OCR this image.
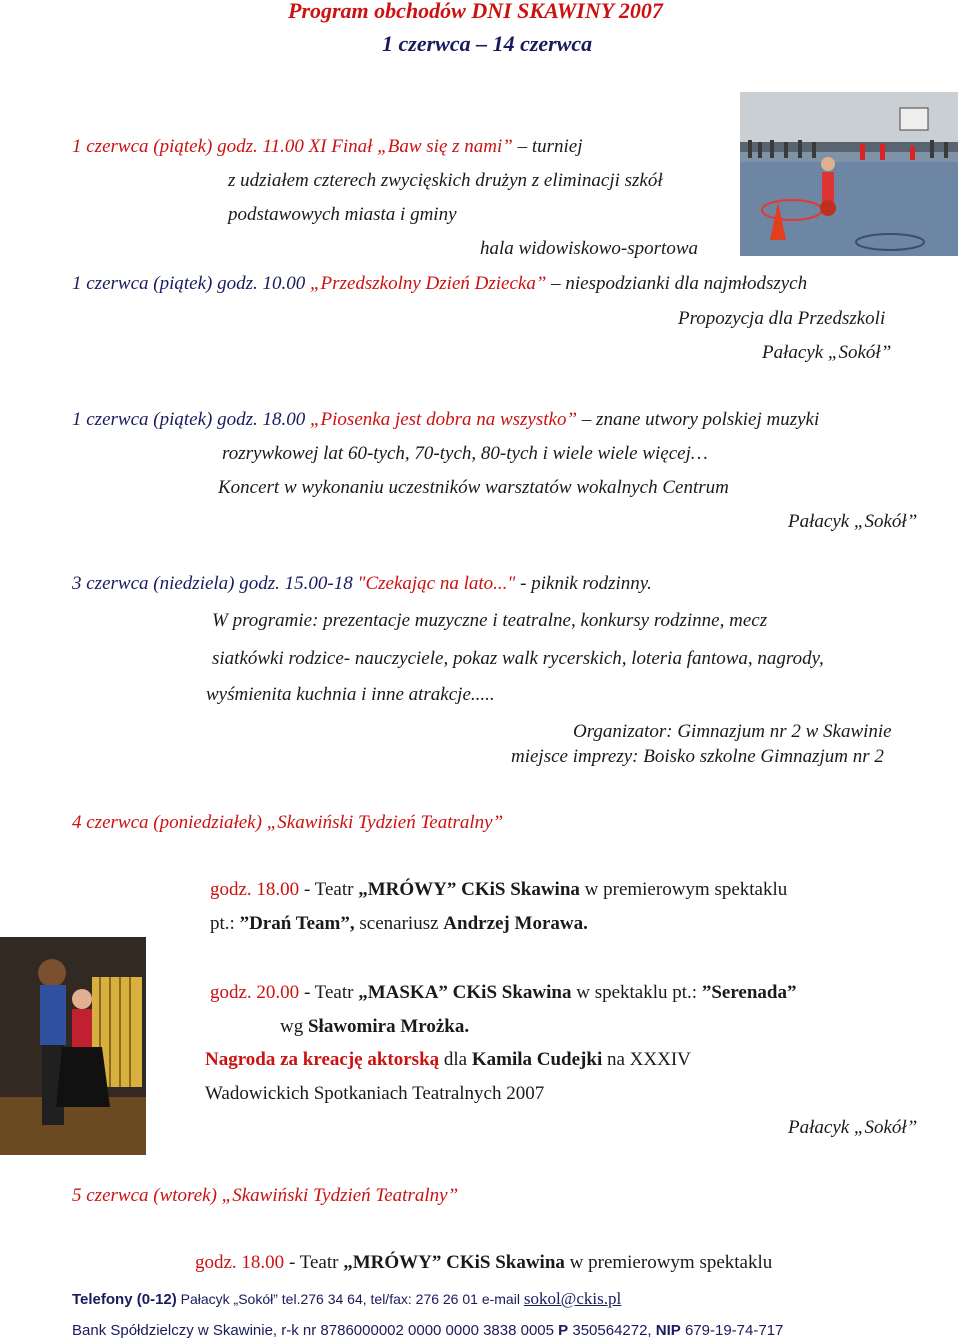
Program obchodów DNI SKAWINY 2007
1 czerwca – 14 czerwca
1 czerwca (piątek) godz. 11.00 XI Finał „Baw się z nami” – turniej
z udziałem czterech zwycięskich drużyn z eliminacji szkół
podstawowych miasta i gminy
hala widowiskowo-sportowa
1 czerwca (piątek) godz. 10.00 „Przedszkolny Dzień Dziecka” – niespodzianki dla najmłodszych
Propozycja dla Przedszkoli
Pałacyk „Sokół”
1 czerwca (piątek) godz. 18.00 „Piosenka jest dobra na wszystko” – znane utwory polskiej muzyki
rozrywkowej lat 60-tych, 70-tych, 80-tych i wiele wiele więcej…
Koncert w wykonaniu uczestników warsztatów wokalnych Centrum
Pałacyk „Sokół”
3 czerwca (niedziela) godz. 15.00-18 "Czekając na lato..." - piknik rodzinny.
W programie: prezentacje muzyczne i teatralne, konkursy rodzinne, mecz
siatkówki rodzice- nauczyciele, pokaz walk rycerskich, loteria fantowa, nagrody,
wyśmienita kuchnia i inne atrakcje.....
Organizator: Gimnazjum nr 2 w Skawinie
miejsce imprezy: Boisko szkolne Gimnazjum nr 2
4 czerwca (poniedziałek) „Skawiński Tydzień Teatralny”
godz. 18.00 - Teatr „MRÓWY” CKiS Skawina w premierowym spektaklu
pt.: ”Drań Team”, scenariusz Andrzej Morawa.
godz. 20.00 - Teatr „MASKA” CKiS Skawina w spektaklu pt.: ”Serenada”
wg Sławomira Mrożka.
Nagroda za kreację aktorską dla Kamila Cudejki na XXXIV
Wadowickich Spotkaniach Teatralnych 2007
Pałacyk „Sokół”
5 czerwca (wtorek) „Skawiński Tydzień Teatralny”
godz. 18.00 - Teatr „MRÓWY” CKiS Skawina w premierowym spektaklu
Telefony (0-12) Pałacyk „Sokół” tel.276 34 64, tel/fax: 276 26 01 e-mail sokol@ckis.pl
Bank Spółdzielczy w Skawinie, r-k nr 8786000002 0000 0000 3838 0005 P 350564272, NIP 679-19-74-717
